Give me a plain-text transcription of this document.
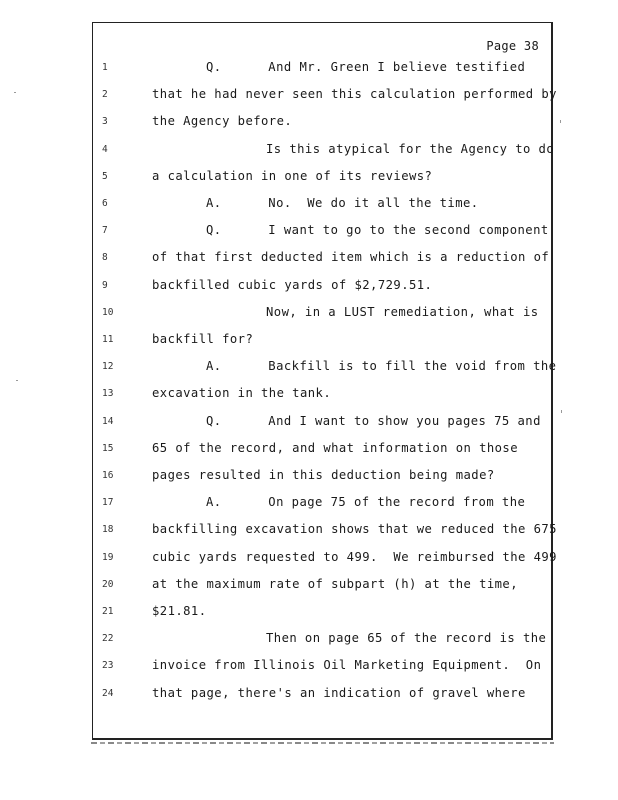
Page 38
1	Q.      And Mr. Green I believe testified
2	that he had never seen this calculation performed by
3	the Agency before.
4	Is this atypical for the Agency to do
5	a calculation in one of its reviews?
6	A.      No.  We do it all the time.
7	Q.      I want to go to the second component
8	of that first deducted item which is a reduction of
9	backfilled cubic yards of $2,729.51.
10	Now, in a LUST remediation, what is
11	backfill for?
12	A.      Backfill is to fill the void from the
13	excavation in the tank.
14	Q.      And I want to show you pages 75 and
15	65 of the record, and what information on those
16	pages resulted in this deduction being made?
17	A.      On page 75 of the record from the
18	backfilling excavation shows that we reduced the 675
19	cubic yards requested to 499.  We reimbursed the 499
20	at the maximum rate of subpart (h) at the time,
21	$21.81.
22	Then on page 65 of the record is the
23	invoice from Illinois Oil Marketing Equipment.  On
24	that page, there's an indication of gravel where
